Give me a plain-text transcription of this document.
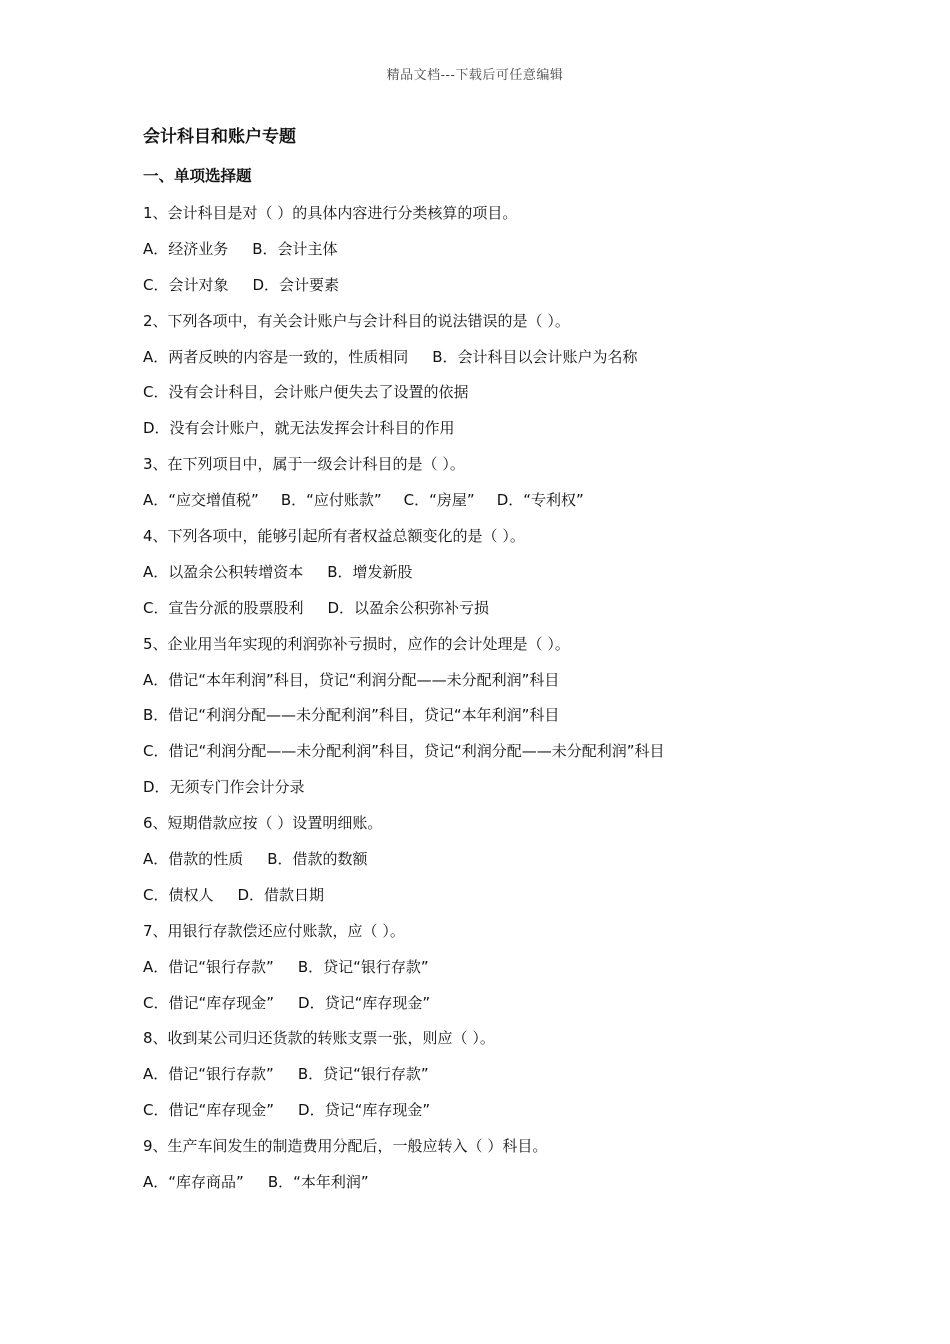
精品文档---下载后可任意编辑
会计科目和账户专题
一、单项选择题
1、会计科目是对（ ）的具体内容进行分类核算的项目。
A．经济业务 B．会计主体
C．会计对象 D．会计要素
2、下列各项中，有关会计账户与会计科目的说法错误的是（ ）。
A．两者反映的内容是一致的，性质相同 B．会计科目以会计账户为名称
C．没有会计科目，会计账户便失去了设置的依据
D．没有会计账户，就无法发挥会计科目的作用
3、在下列项目中，属于一级会计科目的是（ ）。
A．“应交增值税” B．“应付账款” C．“房屋” D．“专利权”
4、下列各项中，能够引起所有者权益总额变化的是（ ）。
A．以盈余公积转增资本 B．增发新股
C．宣告分派的股票股利 D．以盈余公积弥补亏损
5、企业用当年实现的利润弥补亏损时，应作的会计处理是（ ）。
A．借记“本年利润”科目，贷记“利润分配——未分配利润”科目
B．借记“利润分配——未分配利润”科目，贷记“本年利润”科目
C．借记“利润分配——未分配利润”科目，贷记“利润分配——未分配利润”科目
D．无须专门作会计分录
6、短期借款应按（ ）设置明细账。
A．借款的性质 B．借款的数额
C．债权人 D．借款日期
7、用银行存款偿还应付账款，应（ ）。
A．借记“银行存款” B．贷记“银行存款”
C．借记“库存现金” D．贷记“库存现金”
8、收到某公司归还货款的转账支票一张，则应（ ）。
A．借记“银行存款” B．贷记“银行存款”
C．借记“库存现金” D．贷记“库存现金”
9、生产车间发生的制造费用分配后，一般应转入（ ）科目。
A．“库存商品” B．“本年利润”
